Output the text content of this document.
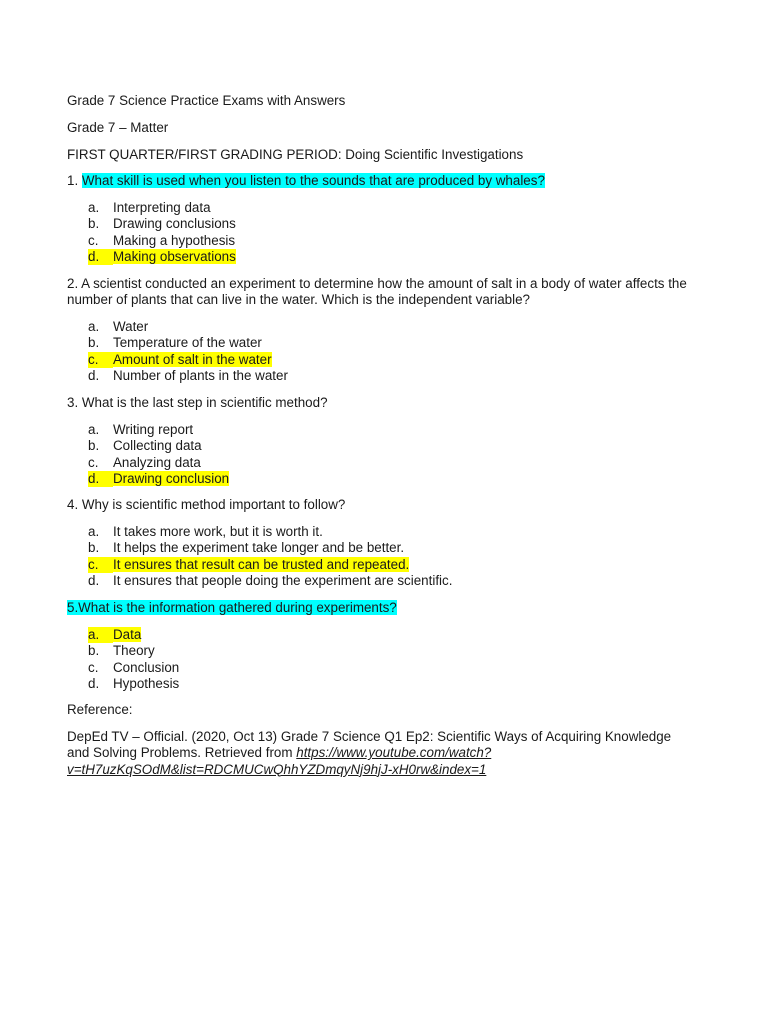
Grade 7 Science Practice Exams with Answers
Grade 7 – Matter
FIRST QUARTER/FIRST GRADING PERIOD: Doing Scientific Investigations
1. What skill is used when you listen to the sounds that are produced by whales?
a. Interpreting data
b. Drawing conclusions
c. Making a hypothesis
d. Making observations
2. A scientist conducted an experiment to determine how the amount of salt in a body of water affects the number of plants that can live in the water. Which is the independent variable?
a. Water
b. Temperature of the water
c. Amount of salt in the water
d. Number of plants in the water
3. What is the last step in scientific method?
a. Writing report
b. Collecting data
c. Analyzing data
d. Drawing conclusion
4. Why is scientific method important to follow?
a. It takes more work, but it is worth it.
b. It helps the experiment take longer and be better.
c. It ensures that result can be trusted and repeated.
d. It ensures that people doing the experiment are scientific.
5.What is the information gathered during experiments?
a. Data
b. Theory
c. Conclusion
d. Hypothesis
Reference:
DepEd TV – Official. (2020, Oct 13) Grade 7 Science Q1 Ep2: Scientific Ways of Acquiring Knowledge and Solving Problems. Retrieved from https://www.youtube.com/watch?
v=tH7uzKqSOdM&list=RDCMUCwQhhYZDmqyNj9hjJ-xH0rw&index=1
